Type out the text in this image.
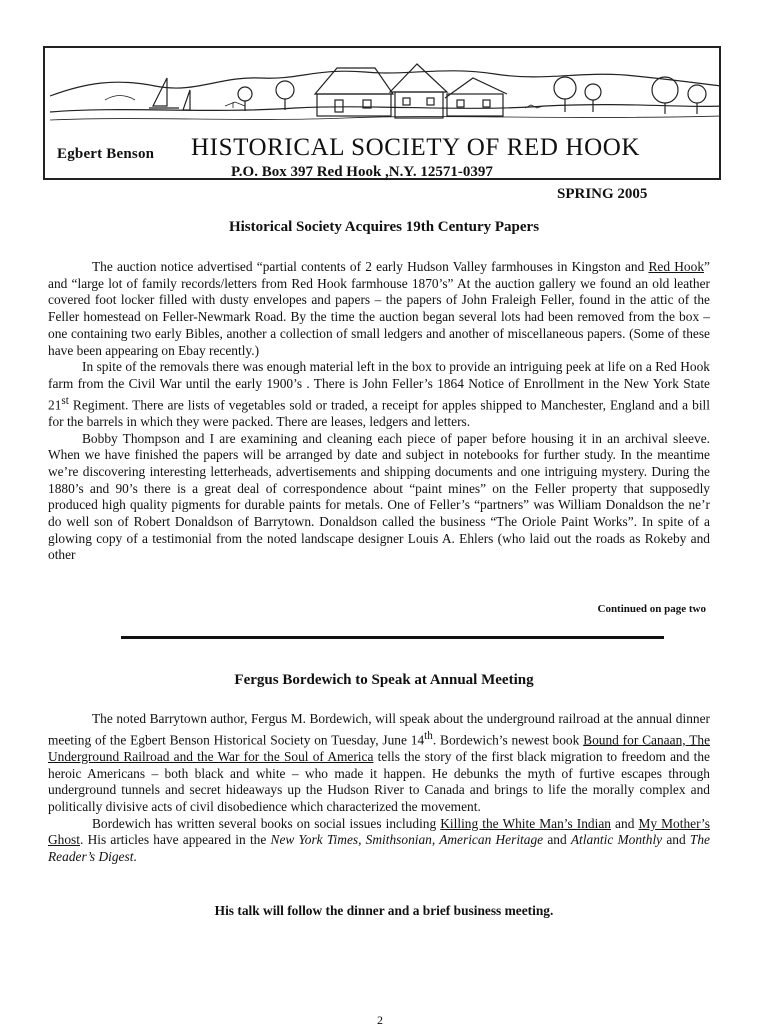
Egbert Benson HISTORICAL SOCIETY OF RED HOOK
P.O. Box 397 Red Hook ,N.Y. 12571-0397
SPRING 2005
Historical Society Acquires 19th Century Papers

The auction notice advertised “partial contents of 2 early Hudson Valley farmhouses in Kingston and Red Hook” and “large lot of family records/letters from Red Hook farmhouse 1870’s” At the auction gallery we found an old leather covered foot locker filled with dusty envelopes and papers – the papers of John Fraleigh Feller, found in the attic of the Feller homestead on Feller-Newmark Road. By the time the auction began several lots had been removed from the box – one containing two early Bibles, another a collection of small ledgers and another of miscellaneous papers. (Some of these have been appearing on Ebay recently.)

In spite of the removals there was enough material left in the box to provide an intriguing peek at life on a Red Hook farm from the Civil War until the early 1900’s . There is John Feller’s 1864 Notice of Enrollment in the New York State 21st Regiment. There are lists of vegetables sold or traded, a receipt for apples shipped to Manchester, England and a bill for the barrels in which they were packed. There are leases, ledgers and letters.

Bobby Thompson and I are examining and cleaning each piece of paper before housing it in an archival sleeve. When we have finished the papers will be arranged by date and subject in notebooks for further study. In the meantime we’re discovering interesting letterheads, advertisements and shipping documents and one intriguing mystery. During the 1880’s and 90’s there is a great deal of correspondence about “paint mines” on the Feller property that supposedly produced high quality pigments for durable paints for metals. One of Feller’s “partners” was William Donaldson the ne’r do well son of Robert Donaldson of Barrytown. Donaldson called the business “The Oriole Paint Works”. In spite of a glowing copy of a testimonial from the noted landscape designer Louis A. Ehlers (who laid out the roads as Rokeby and other

Continued on page two
Fergus Bordewich to Speak at Annual Meeting

The noted Barrytown author, Fergus M. Bordewich, will speak about the underground railroad at the annual dinner meeting of the Egbert Benson Historical Society on Tuesday, June 14th. Bordewich’s newest book Bound for Canaan, The Underground Railroad and the War for the Soul of America tells the story of the first black migration to freedom and the heroic Americans – both black and white – who made it happen. He debunks the myth of furtive escapes through underground tunnels and secret hideaways up the Hudson River to Canada and brings to life the morally complex and politically divisive acts of civil disobedience which characterized the movement.

Bordewich has written several books on social issues including Killing the White Man’s Indian and My Mother’s Ghost. His articles have appeared in the New York Times, Smithsonian, American Heritage and Atlantic Monthly and The Reader’s Digest.

His talk will follow the dinner and a brief business meeting.
2
